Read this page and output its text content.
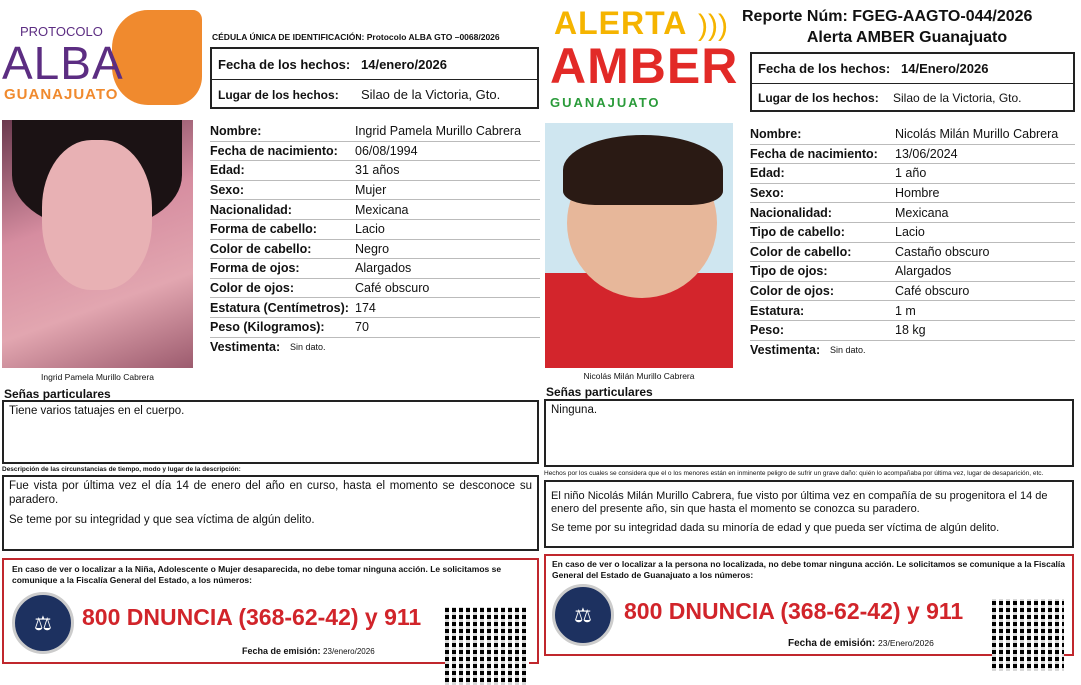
PROTOCOLO
ALBA
GUANAJUATO
CÉDULA ÚNICA DE IDENTIFICACIÓN: Protocolo ALBA GTO –0068/2026
Fecha de los hechos: 14/enero/2026
Lugar de los hechos:	Silao de la Victoria, Gto.
Nombre:	Ingrid Pamela Murillo Cabrera
Fecha de nacimiento:	06/08/1994
Edad:	31 años
Sexo:	Mujer
Nacionalidad:	Mexicana
Forma de cabello:	Lacio
Color de cabello:	Negro
Forma de ojos:	Alargados
Color de ojos:	Café obscuro
Estatura (Centímetros): 174
Peso (Kilogramos):	70
Vestimenta:	Sin dato.
Ingrid Pamela Murillo Cabrera
Señas particulares
Tiene varios tatuajes en el cuerpo.
Descripción de las circunstancias de tiempo, modo y lugar de la descripción:

Fue vista por última vez el día 14 de enero del año en curso, hasta el momento se desconoce su paradero.

Se teme por su integridad y que sea víctima de algún delito.

En caso de ver o localizar a la Niña, Adolescente o Mujer desaparecida, no debe tomar ninguna acción. Le solicitamos se comunique a la Fiscalía General del Estado, a los números:
⚖	800 DNUNCIA (368-62-42) y 911
Fecha de emisión: 23/enero/2026
ALERTA
AMBER
GUANAJUATO
))) Reporte Núm: FGEG-AAGTO-044/2026
Alerta AMBER Guanajuato
Fecha de los hechos: 14/Enero/2026
Lugar de los hechos:	Silao de la Victoria, Gto.
Nombre:	Nicolás Milán Murillo Cabrera
Fecha de nacimiento:	13/06/2024
Edad:	1 año
Sexo:	Hombre
Nacionalidad:	Mexicana
Tipo de cabello:	Lacio
Color de cabello:	Castaño obscuro
Tipo de ojos:	Alargados
Color de ojos:	Café obscuro
Estatura:	1 m
Peso:	18 kg
Vestimenta:	Sin dato.
Nicolás Milán Murillo Cabrera
Señas particulares
Ninguna.
Hechos por los cuales se considera que el o los menores están en inminente peligro de sufrir un grave daño: quién lo acompañaba por última vez, lugar de desaparición, etc.

El niño Nicolás Milán Murillo Cabrera, fue visto por última vez en compañía de su progenitora el 14 de enero del presente año, sin que hasta el momento se conozca su paradero.

Se teme por su integridad dada su minoría de edad y que pueda ser víctima de algún delito.

En caso de ver o localizar a la persona no localizada, no debe tomar ninguna acción. Le solicitamos se comunique a la Fiscalía General del Estado de Guanajuato a los números:
⚖	800 DNUNCIA (368-62-42) y 911
Fecha de emisión: 23/Enero/2026
